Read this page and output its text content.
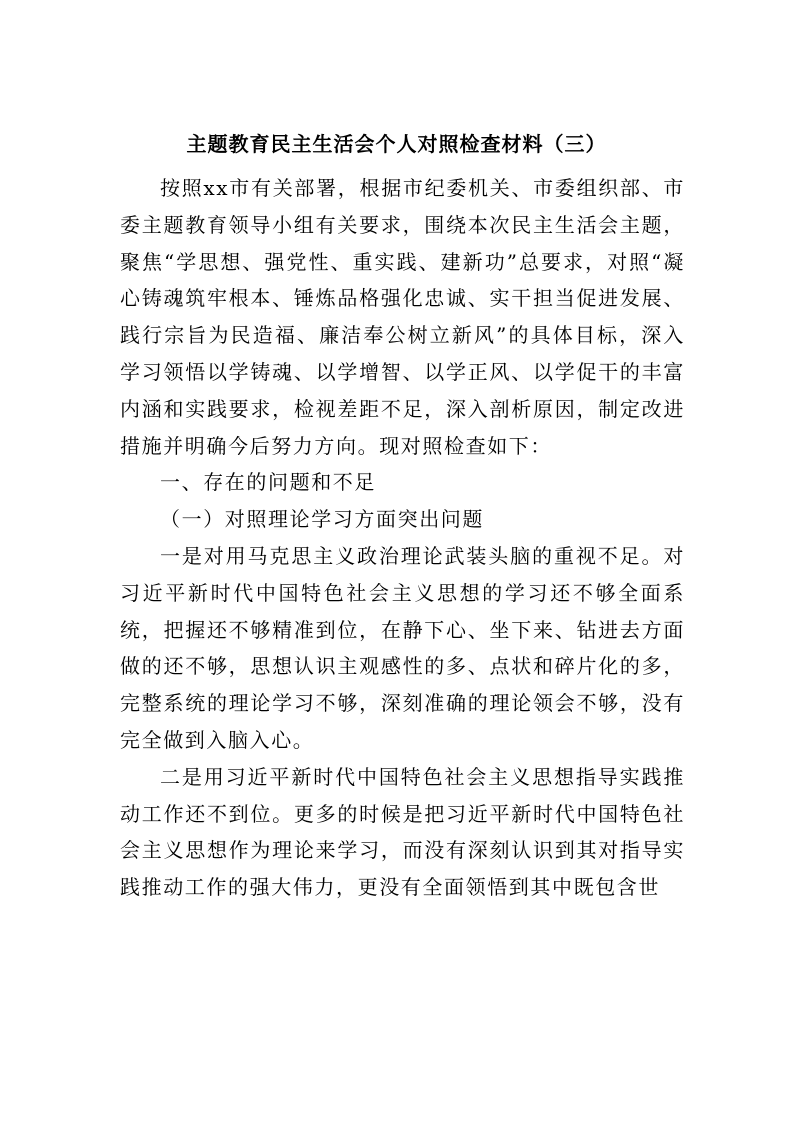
主题教育民主生活会个人对照检查材料（三）

按照xx市有关部署，根据市纪委机关、市委组织部、市委主题教育领导小组有关要求，围绕本次民主生活会主题，聚焦“学思想、强党性、重实践、建新功”总要求，对照“凝心铸魂筑牢根本、锤炼品格强化忠诚、实干担当促进发展、践行宗旨为民造福、廉洁奉公树立新风”的具体目标，深入学习领悟以学铸魂、以学增智、以学正风、以学促干的丰富内涵和实践要求，检视差距不足，深入剖析原因，制定改进措施并明确今后努力方向。现对照检查如下：

一、存在的问题和不足

（一）对照理论学习方面突出问题

一是对用马克思主义政治理论武装头脑的重视不足。对习近平新时代中国特色社会主义思想的学习还不够全面系统，把握还不够精准到位，在静下心、坐下来、钻进去方面做的还不够，思想认识主观感性的多、点状和碎片化的多，完整系统的理论学习不够，深刻准确的理论领会不够，没有完全做到入脑入心。

二是用习近平新时代中国特色社会主义思想指导实践推动工作还不到位。更多的时候是把习近平新时代中国特色社会主义思想作为理论来学习，而没有深刻认识到其对指导实践推动工作的强大伟力，更没有全面领悟到其中既包含世
